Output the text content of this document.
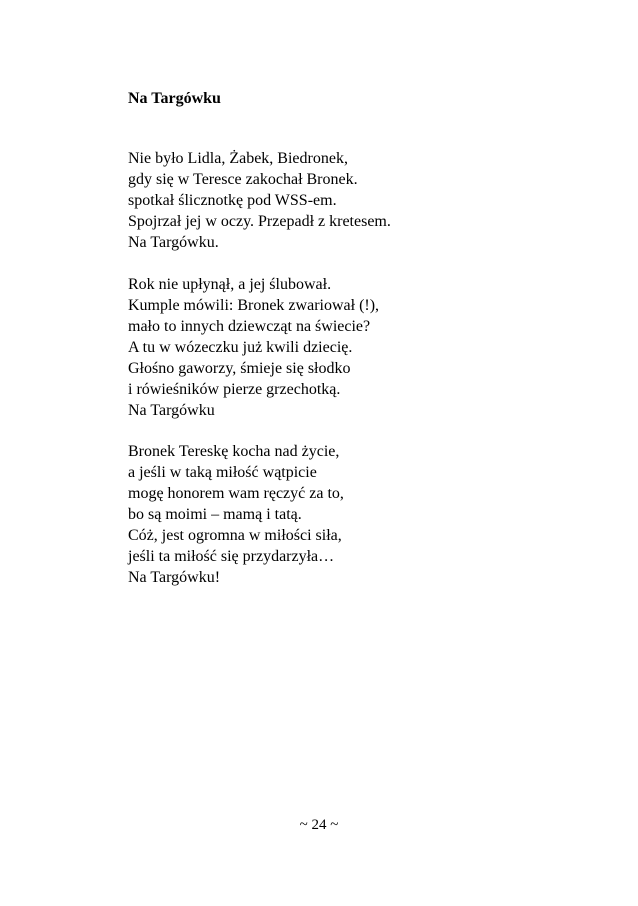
Na Targówku
Nie było Lidla, Żabek, Biedronek,
gdy się w Teresce zakochał Bronek.
spotkał ślicznotkę pod WSS-em.
Spojrzał jej w oczy. Przepadł z kretesem.
Na Targówku.
Rok nie upłynął, a jej ślubował.
Kumple mówili: Bronek zwariował (!),
mało to innych dziewcząt na świecie?
A tu w wózeczku już kwili dziecię.
Głośno gaworzy, śmieje się słodko
i rówieśników pierze grzechotką.
Na Targówku
Bronek Tereskę kocha nad życie,
a jeśli w taką miłość wątpicie
mogę honorem wam ręczyć za to,
bo są moimi – mamą i tatą.
Cóż, jest ogromna w miłości siła,
jeśli ta miłość się przydarzyła…
Na Targówku!
~ 24 ~
